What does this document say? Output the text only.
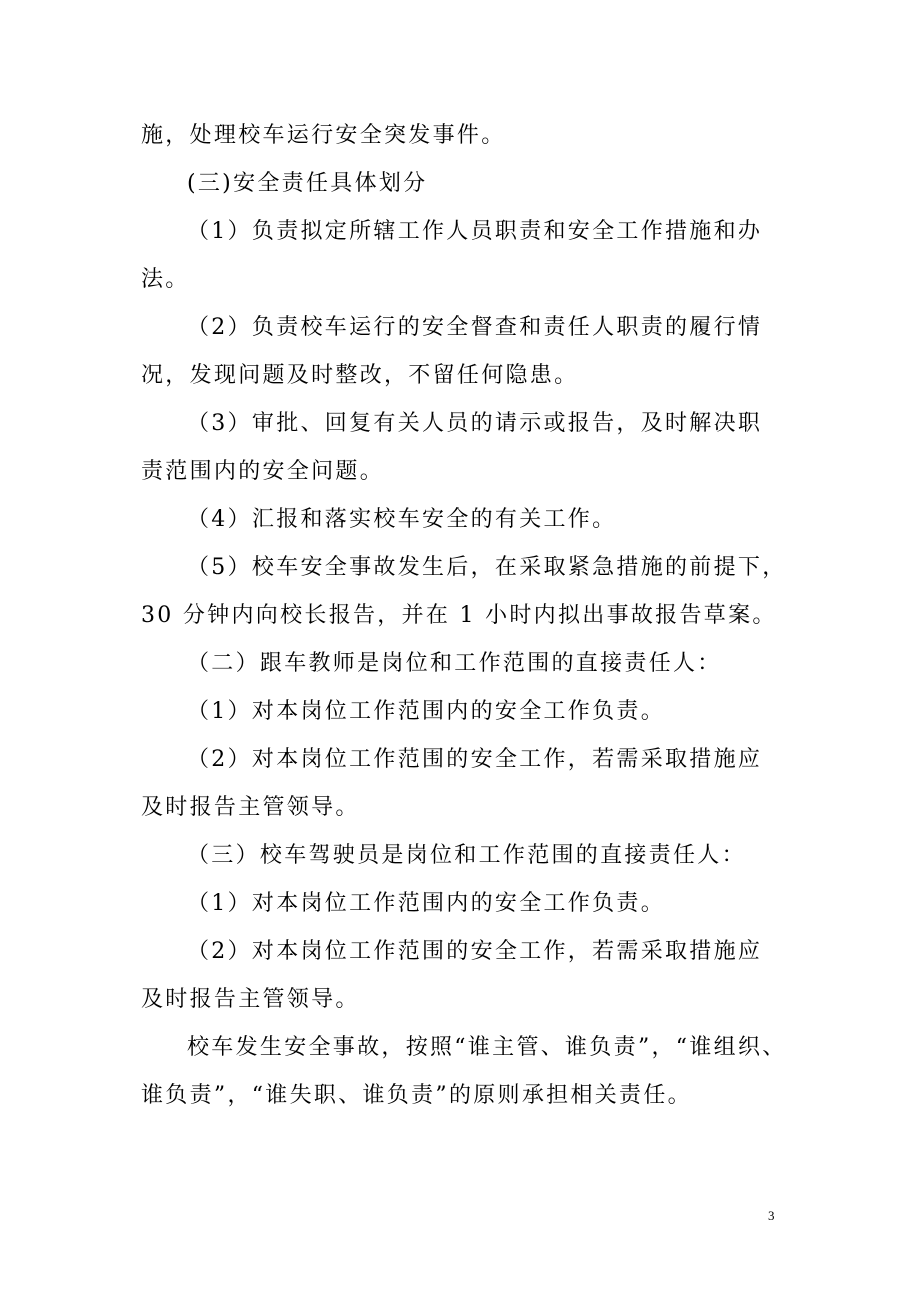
施，处理校车运行安全突发事件。
(三)安全责任具体划分
（1）负责拟定所辖工作人员职责和安全工作措施和办
法。
（2）负责校车运行的安全督查和责任人职责的履行情
况，发现问题及时整改，不留任何隐患。
（3）审批、回复有关人员的请示或报告，及时解决职
责范围内的安全问题。
（4）汇报和落实校车安全的有关工作。
（5）校车安全事故发生后，在采取紧急措施的前提下，
30 分钟内向校长报告，并在 1 小时内拟出事故报告草案。
（二）跟车教师是岗位和工作范围的直接责任人：
（1）对本岗位工作范围内的安全工作负责。
（2）对本岗位工作范围的安全工作，若需采取措施应
及时报告主管领导。
（三）校车驾驶员是岗位和工作范围的直接责任人：
（1）对本岗位工作范围内的安全工作负责。
（2）对本岗位工作范围的安全工作，若需采取措施应
及时报告主管领导。
校车发生安全事故，按照“谁主管、谁负责”，“谁组织、
谁负责”，“谁失职、谁负责”的原则承担相关责任。
3
